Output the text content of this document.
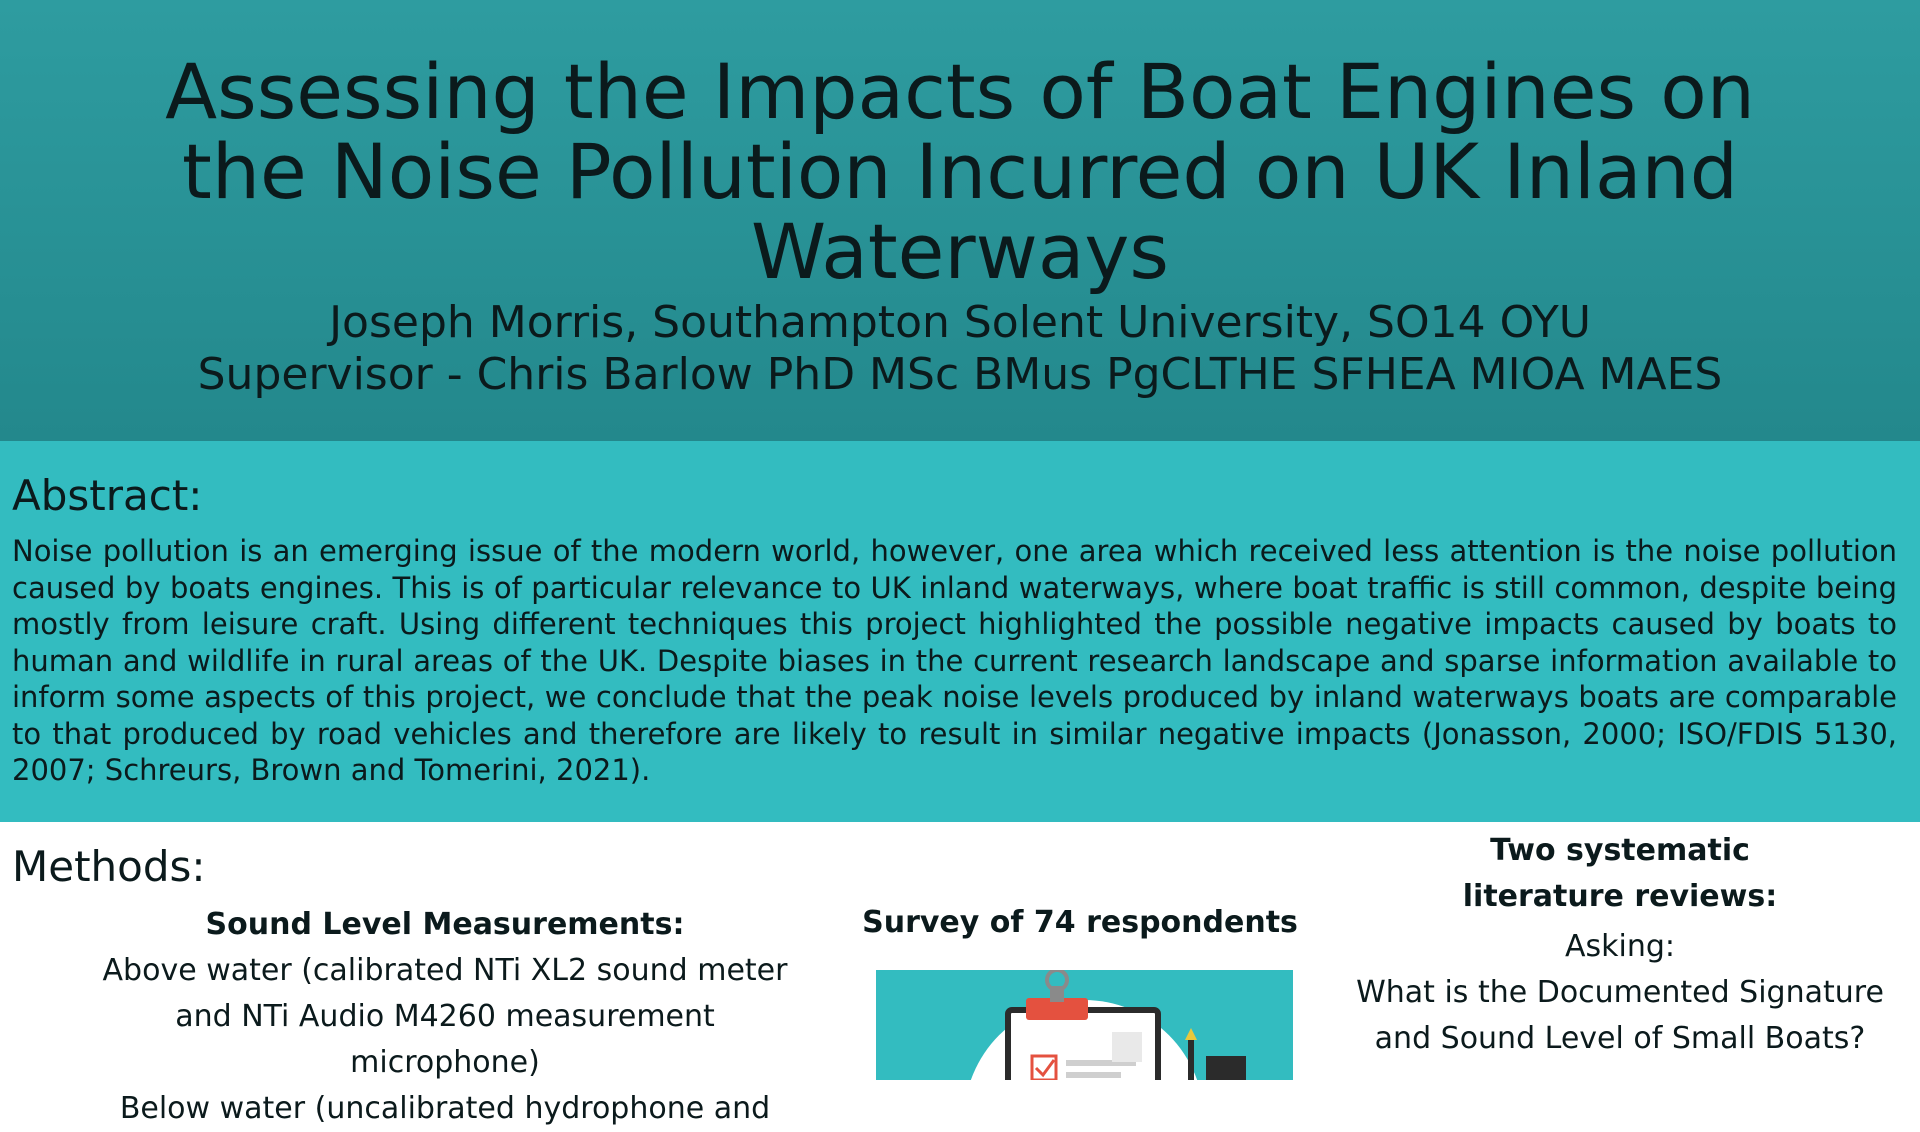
Assessing the Impacts of Boat Engines on
the Noise Pollution Incurred on UK Inland
Waterways
Joseph Morris, Southampton Solent University, SO14 OYU
Supervisor - Chris Barlow PhD MSc BMus PgCLTHE SFHEA MIOA MAES
Abstract:
Noise pollution is an emerging issue of the modern world, however, one area which received less attention is the noise pollution caused by boats engines. This is of particular relevance to UK inland waterways, where boat traffic is still common, despite being mostly from leisure craft. Using different techniques this project highlighted the possible negative impacts caused by boats to human and wildlife in rural areas of the UK. Despite biases in the current research landscape and sparse information available to inform some aspects of this project, we conclude that the peak noise levels produced by inland waterways boats are comparable to that produced by road vehicles and therefore are likely to result in similar negative impacts (Jonasson, 2000; ISO/FDIS 5130, 2007; Schreurs, Brown and Tomerini, 2021).
Methods:
Sound Level Measurements:
Above water (calibrated NTi XL2 sound meter
and NTi Audio M4260 measurement microphone)
Below water (uncalibrated hydrophone and
Survey of 74 respondents
Two systematic
literature reviews:
Asking:
What is the Documented Signature
and Sound Level of Small Boats?
